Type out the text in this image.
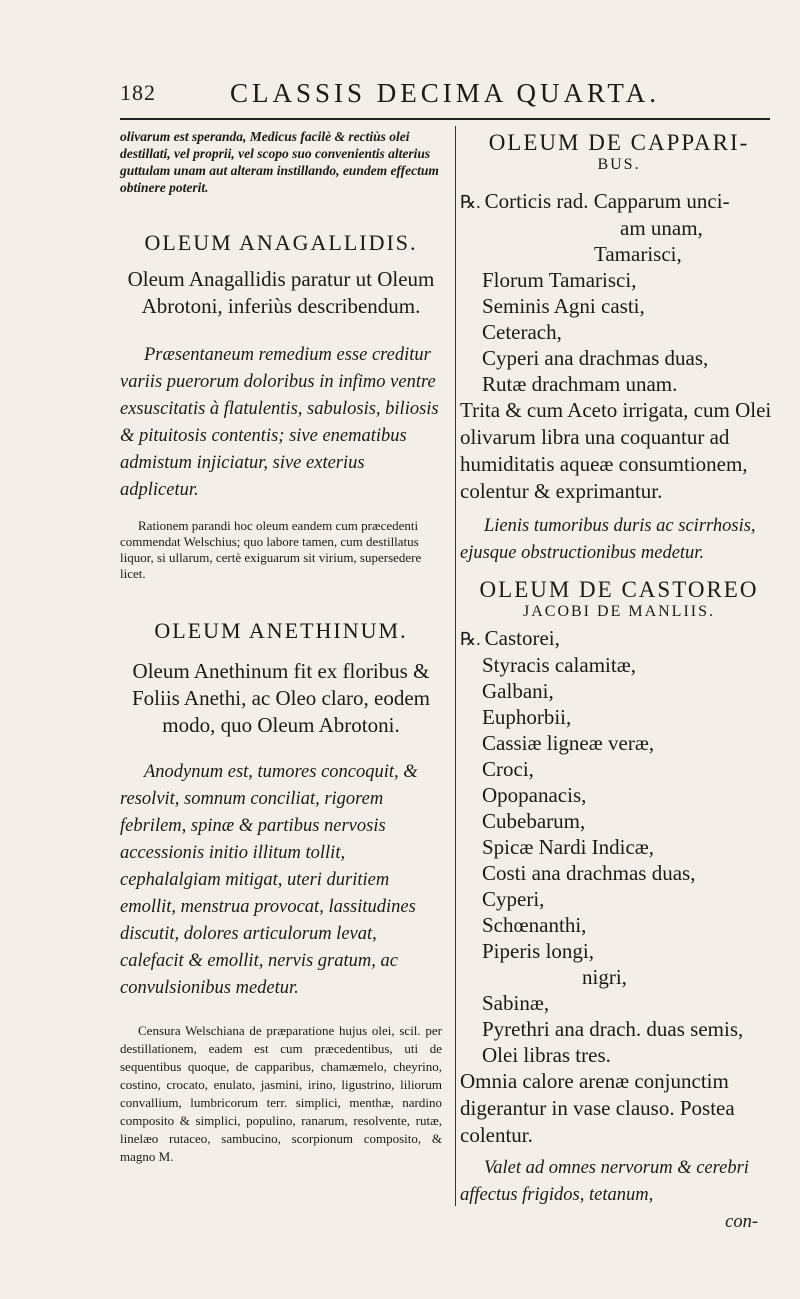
182	CLASSIS DECIMA QUARTA.

olivarum est speranda, Medicus facilè & rectiùs olei destillati, vel proprii, vel scopo suo convenientis alterius guttulam unam aut alteram instillando, eundem effectum obtinere poterit.

OLEUM ANAGALLIDIS.

Oleum Anagallidis paratur ut Oleum Abrotoni, inferiùs describendum.

Præsentaneum remedium esse creditur variis puerorum doloribus in infimo ventre exsuscitatis à flatulentis, sabulosis, biliosis & pituitosis contentis; sive enematibus admistum injiciatur, sive exterius adplicetur.

Rationem parandi hoc oleum eandem cum præcedenti commendat Welschius; quo labore tamen, cum destillatus liquor, si ullarum, certè exiguarum sit virium, supersedere licet.

OLEUM ANETHINUM.

Oleum Anethinum fit ex floribus & Foliis Anethi, ac Oleo claro, eodem modo, quo Oleum Abrotoni.

Anodynum est, tumores concoquit, & resolvit, somnum conciliat, rigorem febrilem, spinæ & partibus nervosis accessionis initio illitum tollit, cephalalgiam mitigat, uteri duritiem emollit, menstrua provocat, lassitudines discutit, dolores articulorum levat, calefacit & emollit, nervis gratum, ac convulsionibus medetur.

Censura Welschiana de præparatione hujus olei, scil. per destillationem, eadem est cum præcedentibus, uti de sequentibus quoque, de capparibus, chamæmelo, cheyrino, costino, crocato, enulato, jasmini, irino, ligustrino, liliorum convallium, lumbricorum terr. simplici, menthæ, nardino composito & simplici, populino, ranarum, resolvente, rutæ, linelæo rutaceo, sambucino, scorpionum composito, & magno M.

OLEUM DE CAPPARI-

BUS.

℞. Corticis rad. Capparum unci-
am unam,
Tamarisci,
Florum Tamarisci,
Seminis Agni casti,
Ceterach,
Cyperi ana drachmas duas,
Rutæ drachmam unam.

Trita & cum Aceto irrigata, cum Olei olivarum libra una coquantur ad humiditatis aqueæ consumtionem, colentur & exprimantur.

Lienis tumoribus duris ac scirrhosis, ejusque obstructionibus medetur.

OLEUM DE CASTOREO

JACOBI DE MANLIIS.

℞. Castorei,
Styracis calamitæ,
Galbani,
Euphorbii,
Cassiæ ligneæ veræ,
Croci,
Opopanacis,
Cubebarum,
Spicæ Nardi Indicæ,
Costi ana drachmas duas,
Cyperi,
Schœnanthi,
Piperis longi,
nigri,
Sabinæ,
Pyrethri ana drach. duas semis,
Olei libras tres.

Omnia calore arenæ conjunctim digerantur in vase clauso. Postea colentur.

Valet ad omnes nervorum & cerebri affectus frigidos, tetanum,

con-
